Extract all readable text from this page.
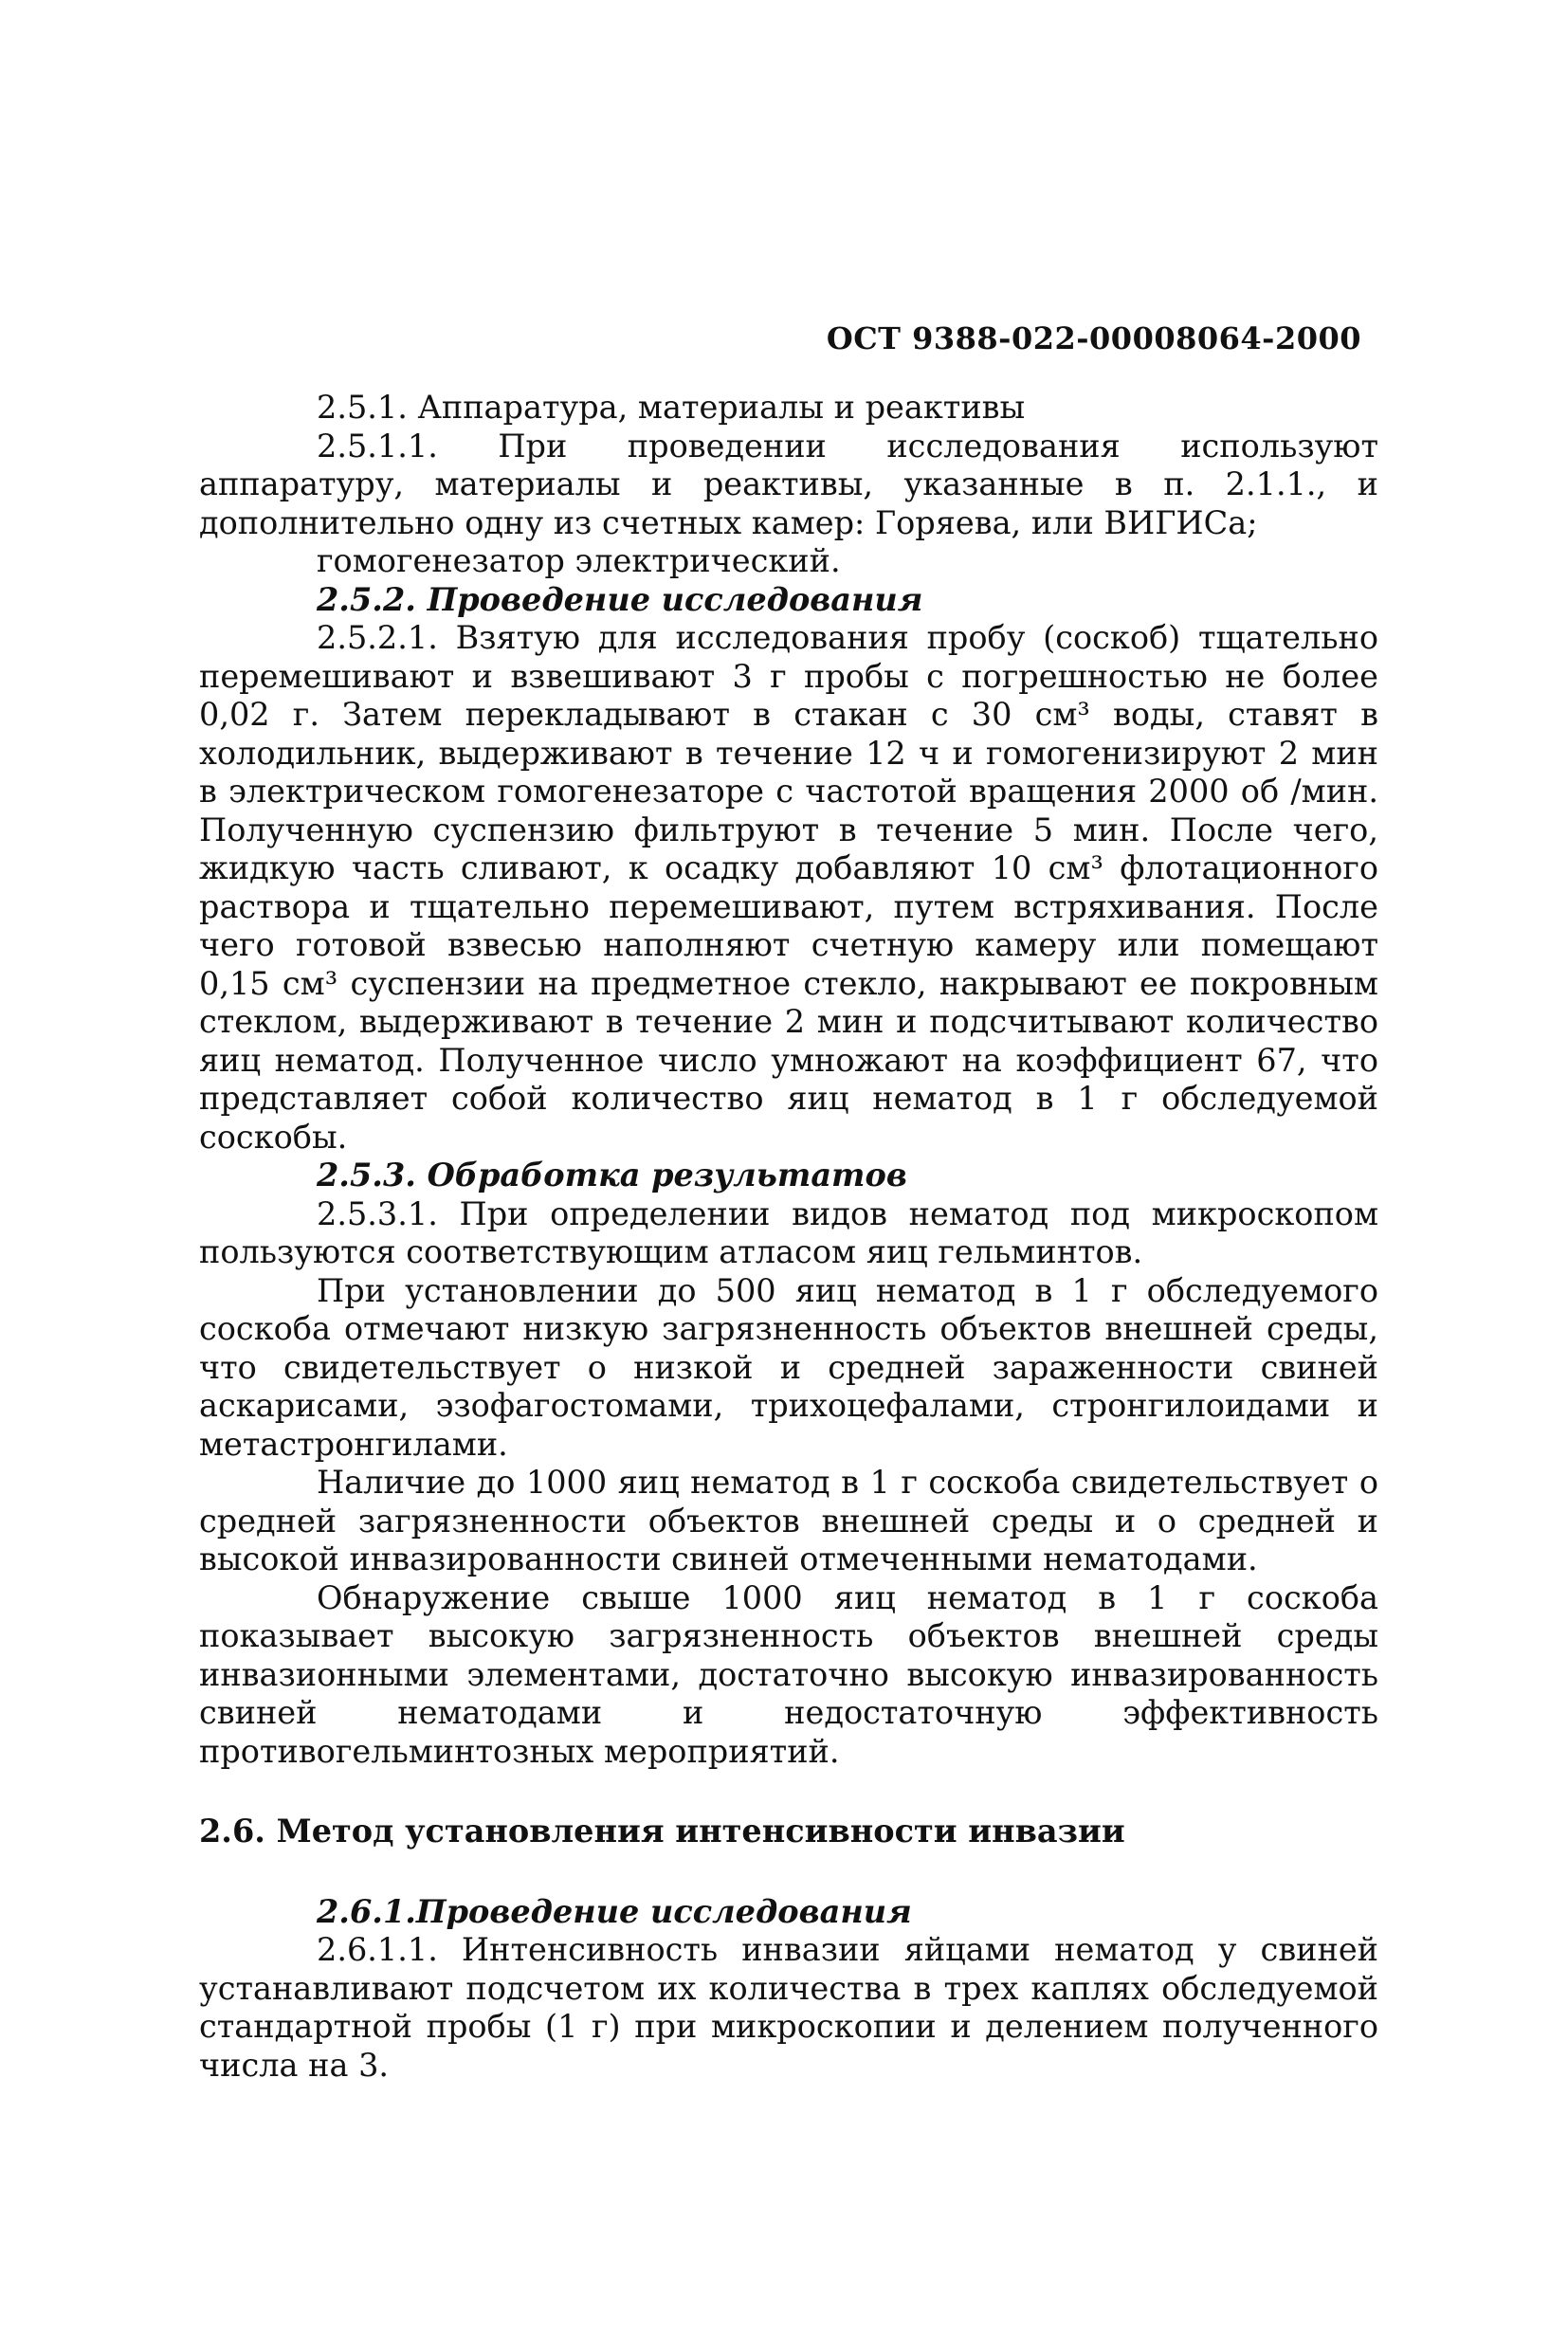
ОСТ 9388-022-00008064-2000

2.5.1. Аппаратура, материалы и реактивы

2.5.1.1. При проведении исследования используют аппаратуру, материалы и реактивы, указанные в п. 2.1.1., и дополнительно одну из счетных камер: Горяева, или ВИГИСа;

гомогенезатор электрический.

2.5.2. Проведение исследования

2.5.2.1. Взятую для исследования пробу (соскоб) тщательно перемешивают и взвешивают 3 г пробы с погрешностью не более 0,02 г. Затем перекладывают в стакан с 30 см³ воды, ставят в холодильник, выдерживают в течение 12 ч и гомогенизируют 2 мин в электрическом гомогенезаторе с частотой вращения 2000 об /мин. Полученную суспензию фильтруют в течение 5 мин. После чего, жидкую часть сливают, к осадку добавляют 10 см³ флотационного раствора и тщательно перемешивают, путем встряхивания. После чего готовой взвесью наполняют счетную камеру или помещают 0,15 см³ суспензии на предметное стекло, накрывают ее покровным стеклом, выдерживают в течение 2 мин и подсчитывают количество яиц нематод. Полученное число умножают на коэффициент 67, что представляет собой количество яиц нематод в 1 г обследуемой соскобы.

2.5.3. Обработка результатов

2.5.3.1. При определении видов нематод под микроскопом пользуются соответствующим атласом яиц гельминтов.

При установлении до 500 яиц нематод в 1 г обследуемого соскоба отмечают низкую загрязненность объектов внешней среды, что свидетельствует о низкой и средней зараженности свиней аскарисами, эзофагостомами, трихоцефалами, стронгилоидами и метастронгилами.

Наличие до 1000 яиц нематод в 1 г соскоба свидетельствует о средней загрязненности объектов внешней среды и о средней и высокой инвазированности свиней отмеченными нематодами.

Обнаружение свыше 1000 яиц нематод в 1 г соскоба показывает высокую загрязненность объектов внешней среды инвазионными элементами, достаточно высокую инвазированность свиней нематодами и недостаточную эффективность противогельминтозных мероприятий.

2.6. Метод установления интенсивности инвазии

2.6.1.Проведение исследования

2.6.1.1. Интенсивность инвазии яйцами нематод у свиней устанавливают подсчетом их количества в трех каплях обследуемой стандартной пробы (1 г) при микроскопии и делением полученного числа на 3.
